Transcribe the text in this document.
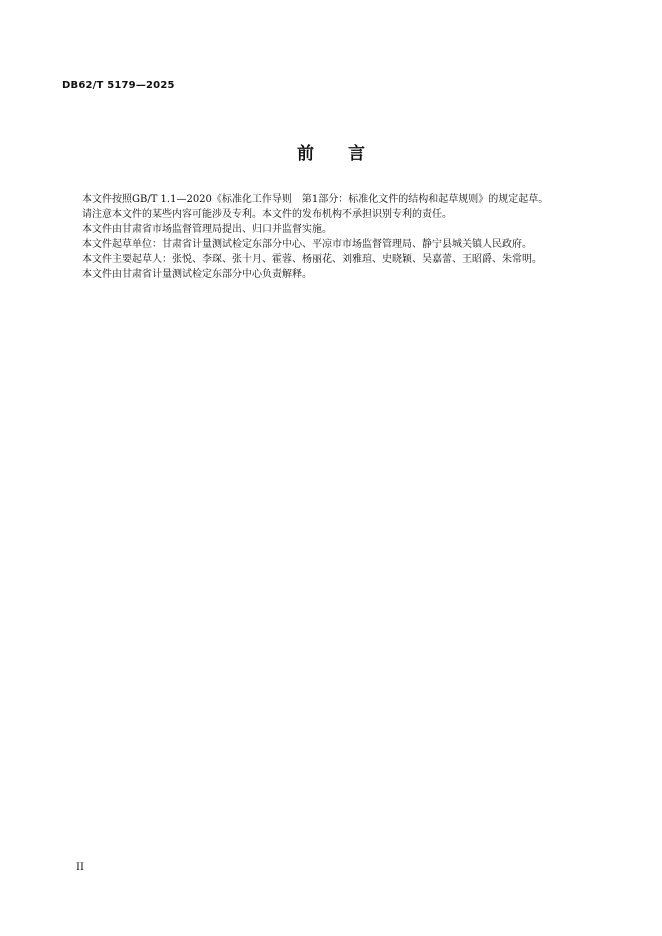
DB62/T 5179—2025
前 言

本文件按照GB/T 1.1—2020《标准化工作导则　第1部分：标准化文件的结构和起草规则》的规定起草。

请注意本文件的某些内容可能涉及专利。本文件的发布机构不承担识别专利的责任。

本文件由甘肃省市场监督管理局提出、归口并监督实施。

本文件起草单位：甘肃省计量测试检定东部分中心、平凉市市场监督管理局、静宁县城关镇人民政府。

本文件主要起草人：张悦、李琛、张十月、霍蓉、杨丽花、刘雅瑄、史晓颖、吴嘉蕾、王昭爵、朱常明。

本文件由甘肃省计量测试检定东部分中心负责解释。

II
